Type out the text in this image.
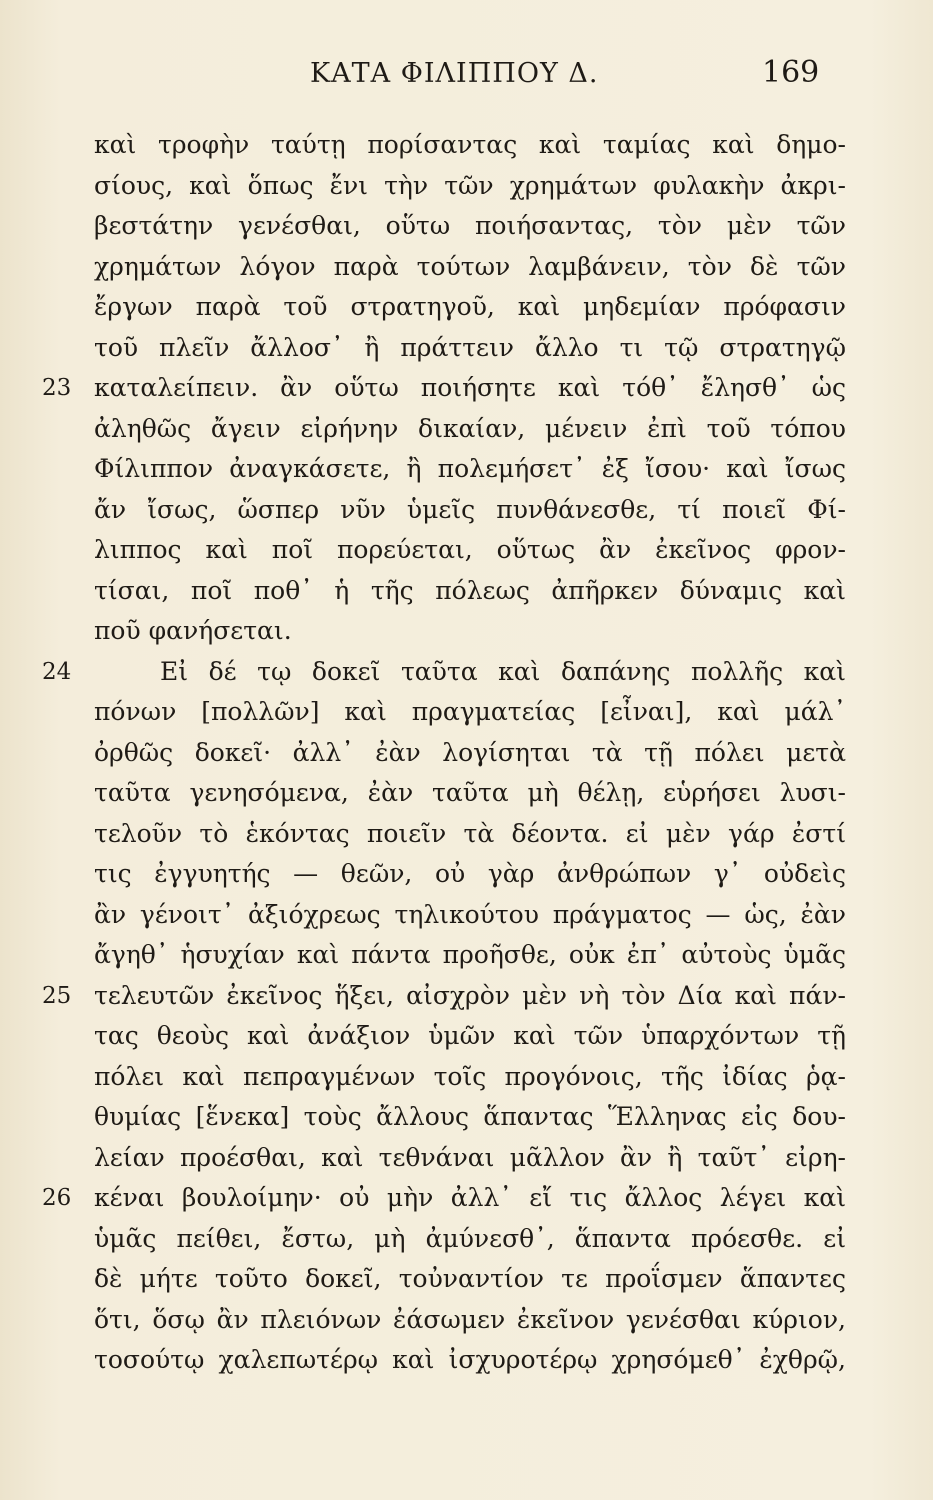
ΚΑΤΑ ΦΙΛΙΠΠΟΥ Δ.	169
καὶ τροφὴν ταύτῃ πορίσαντας καὶ ταμίας καὶ δημο-
σίους, καὶ ὅπως ἔνι τὴν τῶν χρημάτων φυλακὴν ἀκρι-
βεστάτην γενέσθαι, οὕτω ποιήσαντας, τὸν μὲν τῶν
χρημάτων λόγον παρὰ τούτων λαμβάνειν, τὸν δὲ τῶν
ἔργων παρὰ τοῦ στρατηγοῦ, καὶ μηδεμίαν πρόφασιν
τοῦ πλεῖν ἄλλοσ᾽ ἢ πράττειν ἄλλο τι τῷ στρατηγῷ
23 καταλείπειν. ἂν οὕτω ποιήσητε καὶ τόθ᾽ ἔλησθ᾽ ὡς
ἀληθῶς ἄγειν εἰρήνην δικαίαν, μένειν ἐπὶ τοῦ τόπου
Φίλιππον ἀναγκάσετε, ἢ πολεμήσετ᾽ ἐξ ἴσου· καὶ ἴσως
ἄν ἴσως, ὥσπερ νῦν ὑμεῖς πυνθάνεσθε, τί ποιεῖ Φί-
λιππος καὶ ποῖ πορεύεται, οὕτως ἂν ἐκεῖνος φρον-
τίσαι, ποῖ ποθ᾽ ἡ τῆς πόλεως ἀπῆρκεν δύναμις καὶ
ποῦ φανήσεται.
24	Εἰ δέ τῳ δοκεῖ ταῦτα καὶ δαπάνης πολλῆς καὶ
πόνων [πολλῶν] καὶ πραγματείας [εἶναι], καὶ μάλ᾽
ὀρθῶς δοκεῖ· ἀλλ᾽ ἐὰν λογίσηται τὰ τῇ πόλει μετὰ
ταῦτα γενησόμενα, ἐὰν ταῦτα μὴ θέλῃ, εὑρήσει λυσι-
τελοῦν τὸ ἑκόντας ποιεῖν τὰ δέοντα. εἰ μὲν γάρ ἐστί
τις ἐγγυητής — θεῶν, οὐ γὰρ ἀνθρώπων γ᾽ οὐδεὶς
ἂν γένοιτ᾽ ἀξιόχρεως τηλικούτου πράγματος — ὡς, ἐὰν
ἄγηθ᾽ ἡσυχίαν καὶ πάντα προῆσθε, οὐκ ἐπ᾽ αὐτοὺς ὑμᾶς
25 τελευτῶν ἐκεῖνος ἥξει, αἰσχρὸν μὲν νὴ τὸν Δία καὶ πάν-
τας θεοὺς καὶ ἀνάξιον ὑμῶν καὶ τῶν ὑπαρχόντων τῇ
πόλει καὶ πεπραγμένων τοῖς προγόνοις, τῆς ἰδίας ῥᾳ-
θυμίας [ἕνεκα] τοὺς ἄλλους ἅπαντας Ἕλληνας εἰς δου-
λείαν προέσθαι, καὶ τεθνάναι μᾶλλον ἂν ἢ ταῦτ᾽ εἰρη-
26 κέναι βουλοίμην· οὐ μὴν ἀλλ᾽ εἴ τις ἄλλος λέγει καὶ
ὑμᾶς πείθει, ἔστω, μὴ ἀμύνεσθ᾽, ἅπαντα πρόεσθε. εἰ
δὲ μήτε τοῦτο δοκεῖ, τοὐναντίον τε προΐσμεν ἅπαντες
ὅτι, ὅσῳ ἂν πλειόνων ἐάσωμεν ἐκεῖνον γενέσθαι κύριον,
τοσούτῳ χαλεπωτέρῳ καὶ ἰσχυροτέρῳ χρησόμεθ᾽ ἐχθρῷ,
